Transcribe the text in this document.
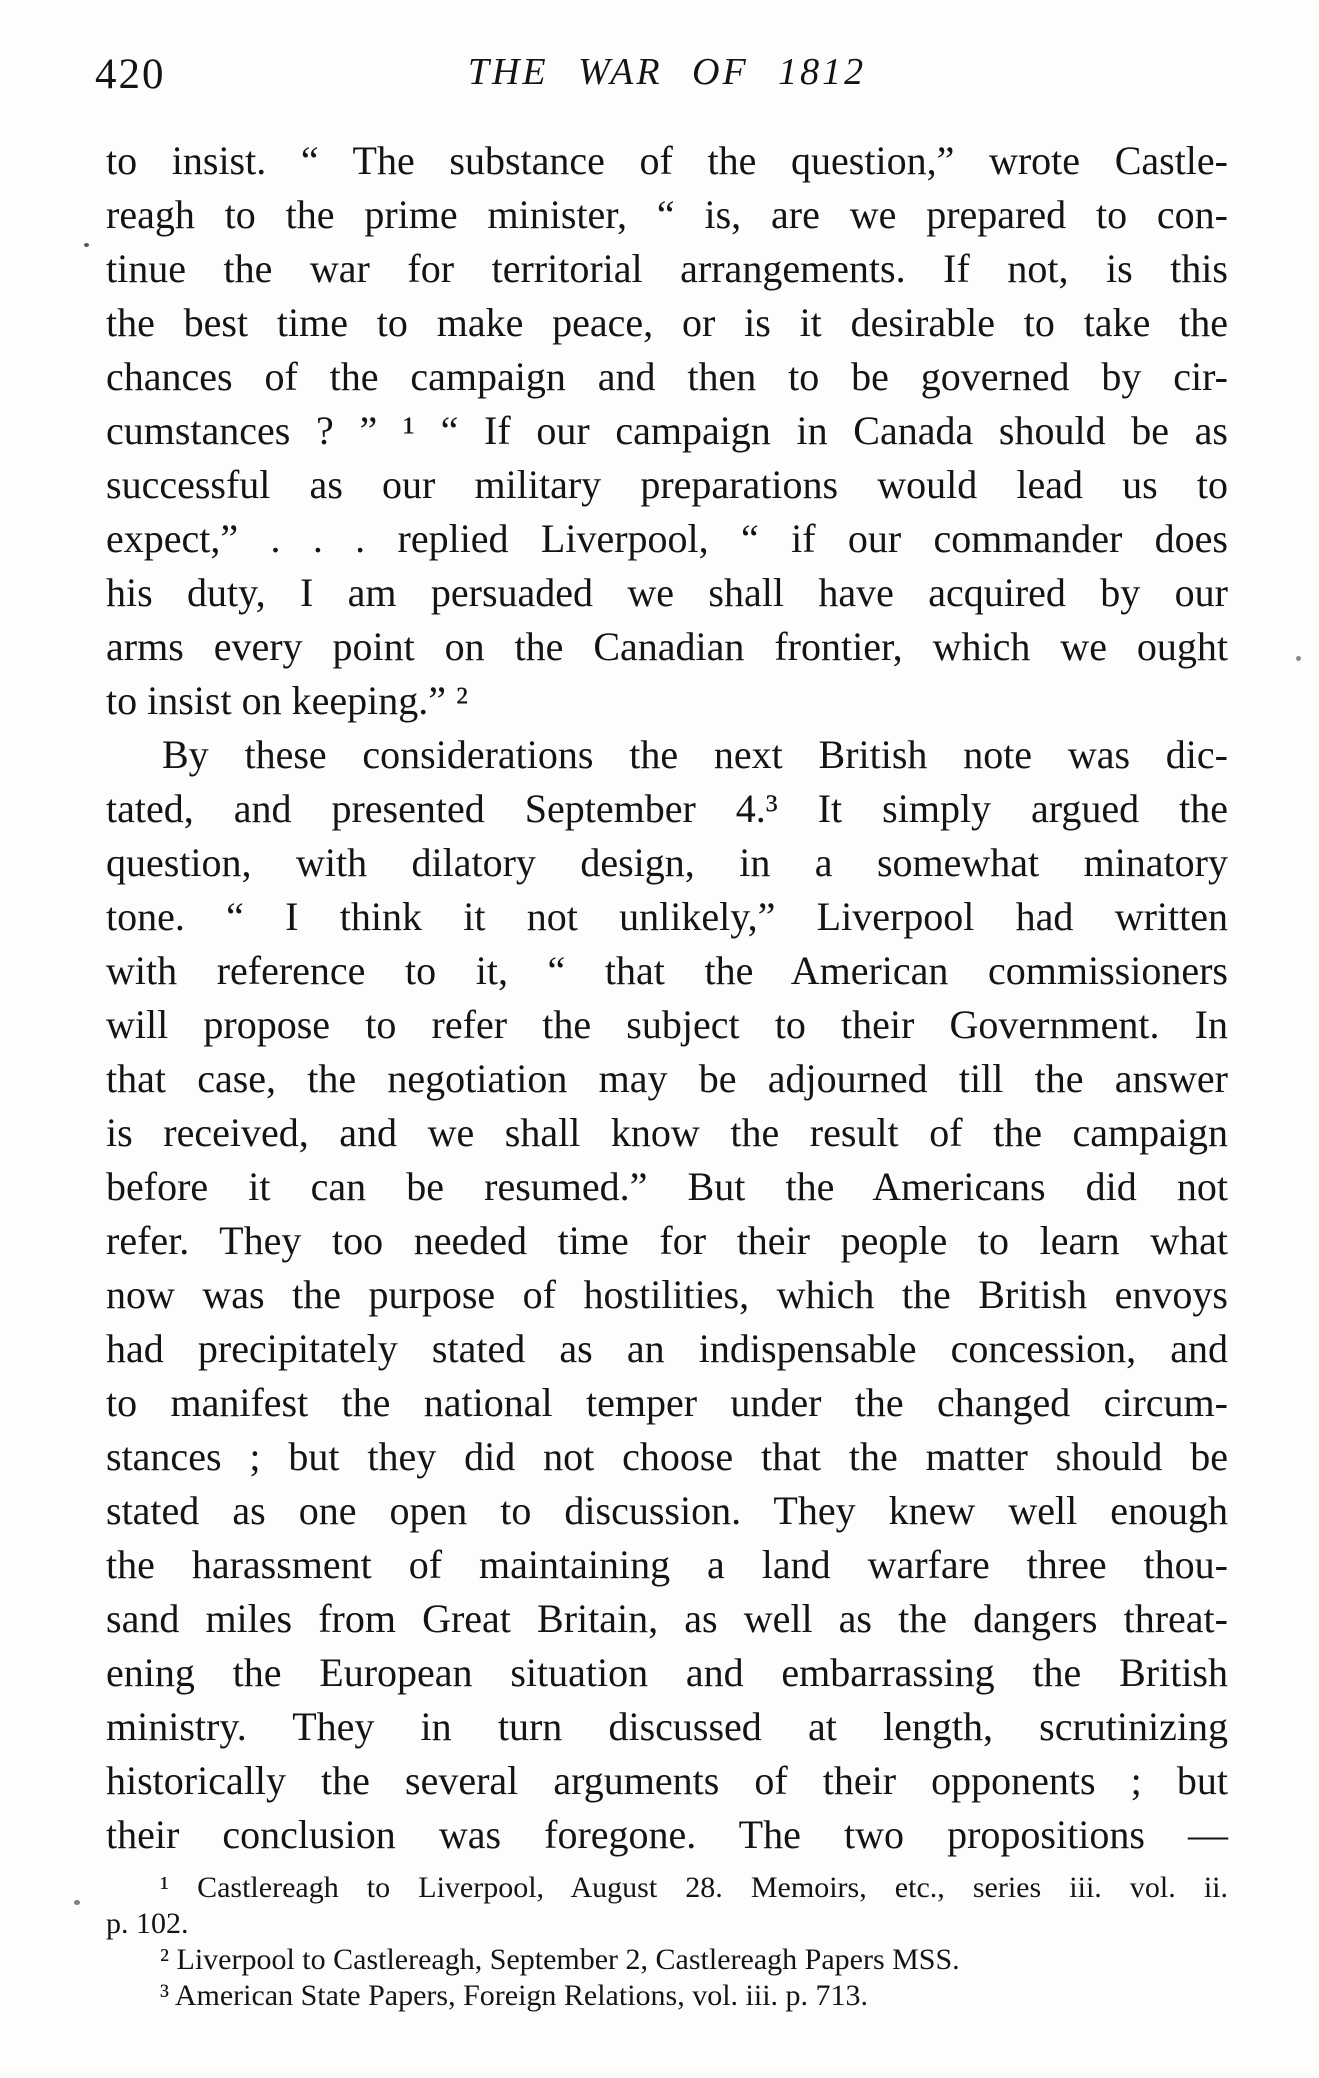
420	THE WAR OF 1812
to insist. “ The substance of the question,” wrote Castle-
reagh to the prime minister, “ is, are we prepared to con-
tinue the war for territorial arrangements. If not, is this
the best time to make peace, or is it desirable to take the
chances of the campaign and then to be governed by cir-
cumstances ? ” ¹ “ If our campaign in Canada should be as
successful as our military preparations would lead us to
expect,” . . . replied Liverpool, “ if our commander does
his duty, I am persuaded we shall have acquired by our
arms every point on the Canadian frontier, which we ought
to insist on keeping.” ²
By these considerations the next British note was dic-
tated, and presented September 4.³ It simply argued the
question, with dilatory design, in a somewhat minatory
tone. “ I think it not unlikely,” Liverpool had written
with reference to it, “ that the American commissioners
will propose to refer the subject to their Government. In
that case, the negotiation may be adjourned till the answer
is received, and we shall know the result of the campaign
before it can be resumed.” But the Americans did not
refer. They too needed time for their people to learn what
now was the purpose of hostilities, which the British envoys
had precipitately stated as an indispensable concession, and
to manifest the national temper under the changed circum-
stances ; but they did not choose that the matter should be
stated as one open to discussion. They knew well enough
the harassment of maintaining a land warfare three thou-
sand miles from Great Britain, as well as the dangers threat-
ening the European situation and embarrassing the British
ministry. They in turn discussed at length, scrutinizing
historically the several arguments of their opponents ; but
their conclusion was foregone. The two propositions —
¹ Castlereagh to Liverpool, August 28. Memoirs, etc., series iii. vol. ii.
p. 102.
² Liverpool to Castlereagh, September 2, Castlereagh Papers MSS.
³ American State Papers, Foreign Relations, vol. iii. p. 713.
